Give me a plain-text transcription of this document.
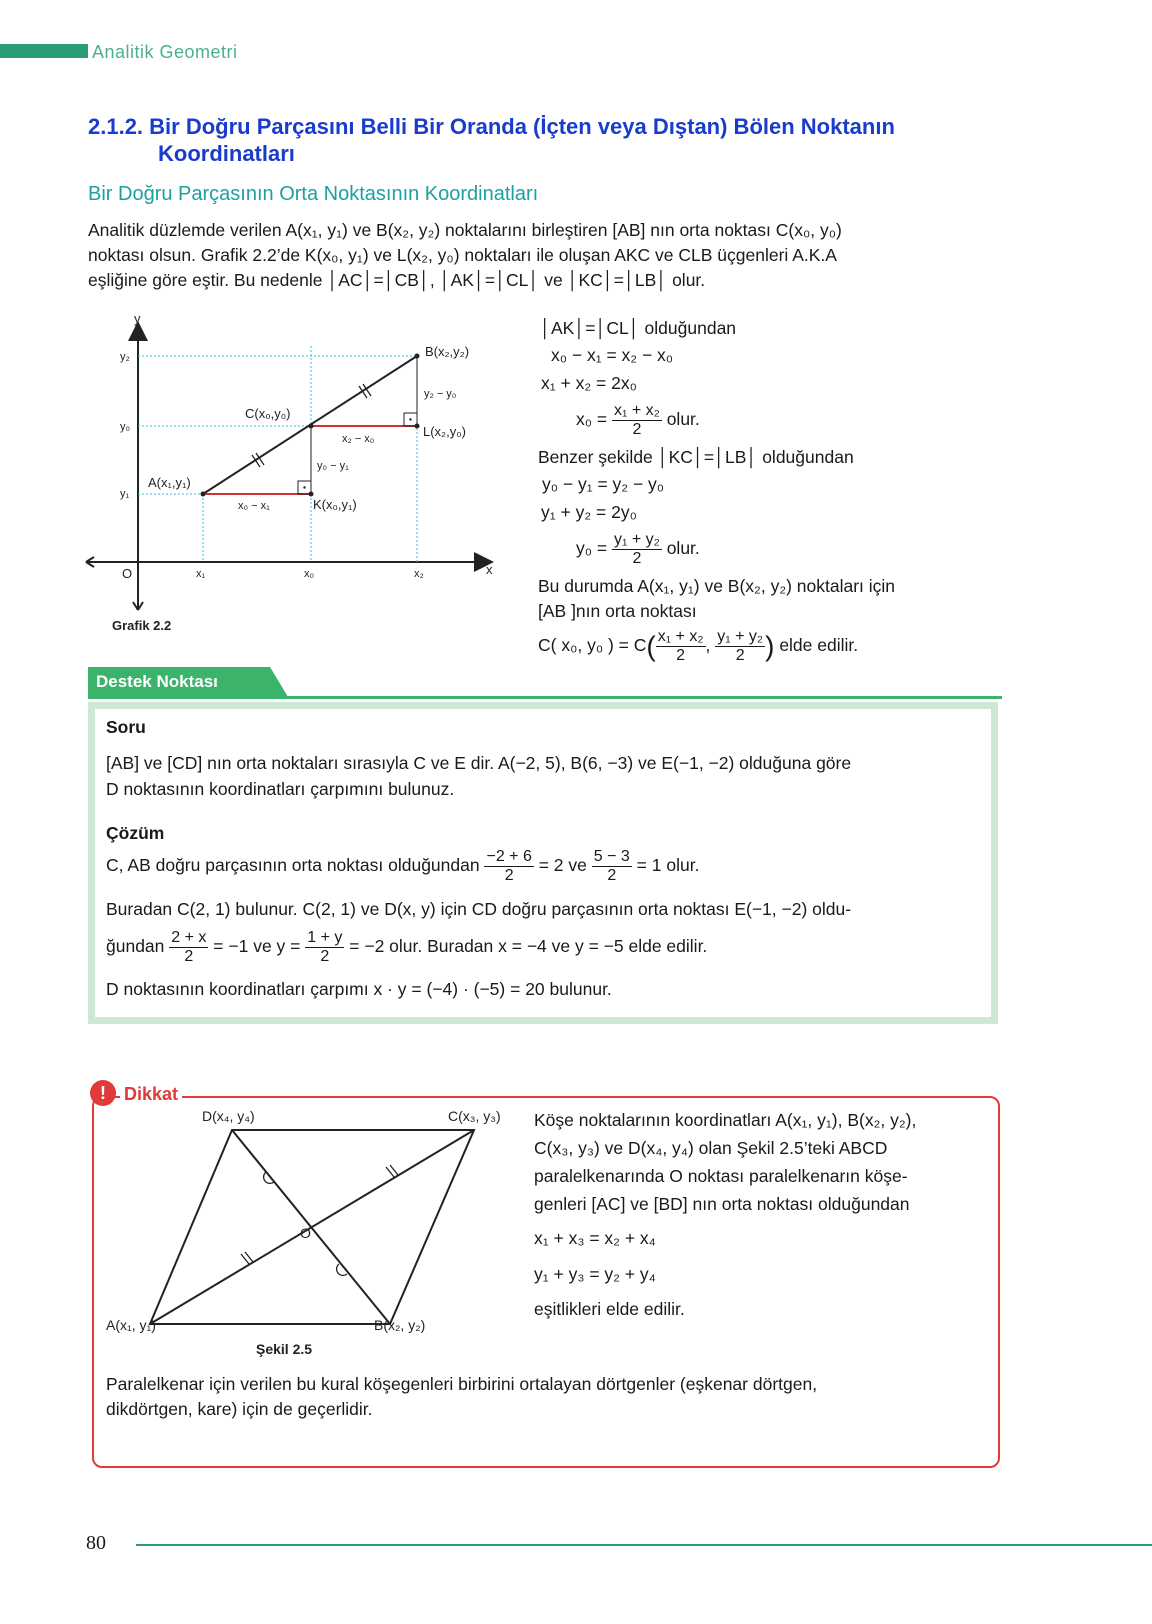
Analitik Geometri
2.1.2. Bir Doğru Parçasını Belli Bir Oranda (İçten veya Dıştan) Bölen Noktanın
Koordinatları
Bir Doğru Parçasının Orta Noktasının Koordinatları
Analitik düzlemde verilen A(x₁, y₁) ve B(x₂, y₂) noktalarını birleştiren [AB] nın orta noktası C(x₀, y₀)
noktası olsun. Grafik 2.2’de K(x₀, y₁) ve L(x₂, y₀) noktaları ile oluşan AKC ve CLB üçgenleri A.K.A
eşliğine göre eştir. Bu nedenle │AC│=│CB│, │AK│=│CL│ ve │KC│=│LB│ olur.
y
x
O	x₁	x₀	x₂
y₂
y₀
y₁
A(x₁,y₁)
B(x₂,y₂)
C(x₀,y₀)
K(x₀,y₁)
L(x₂,y₀)
x₂ − x₀
y₂ − y₀
x₀ − x₁
y₀ − y₁
Grafik 2.2
│AK│=│CL│ olduğundan
x₀ − x₁ = x₂ − x₀
x₁ + x₂ = 2x₀
$x_0 = \frac{\text{x₁ + x₂}}{2}$ olur.
Benzer şekilde │KC│=│LB│ olduğundan
y₀ − y₁ = y₂ − y₀
y₁ + y₂ = 2y₀
$y_0 = \frac{\text{y₁ + y₂}}{2}$ olur.
Bu durumda A(x₁, y₁) ve B(x₂, y₂) noktaları için
[AB ]nın orta noktası
C( x₀, y₀ ) = $C( \frac{\text{x₁ + x₂}}{2}$ , $\frac{\text{y₁ + y₂}}{2}$ ) elde edilir.
Destek Noktası
Soru
[AB] ve [CD] nın orta noktaları sırasıyla C ve E dir. A(−2, 5), B(6, −3) ve E(−1, −2) olduğuna göre
D noktasının koordinatları çarpımını bulunuz.
Çözüm
C, AB doğru parçasının orta noktası olduğundan $\frac{-2 + 6}{2} = 2$ ve $\frac{5 - 3}{2} = 1$ olur.
Buradan C(2, 1) bulunur. C(2, 1) ve D(x, y) için CD doğru parçasının orta noktası E(−1, −2) oldu-
ğundan $\frac{2 + x}{2} = -1$ ve $y = \frac{1 + y}{2} = -2$ olur. Buradan x = −4 ve y = −5 elde edilir.
D noktasının koordinatları çarpımı x · y = (−4) · (−5) = 20 bulunur.
!	Dikkat
O
D(x₄, y₄)	C(x₃, y₃)
A(x₁, y₁)	B(x₂, y₂)
Şekil 2.5
Köşe noktalarının koordinatları A(x₁, y₁), B(x₂, y₂),
C(x₃, y₃) ve D(x₄, y₄) olan Şekil 2.5’teki ABCD
paralelkenarında O noktası paralelkenarın köşe-
genleri [AC] ve [BD] nın orta noktası olduğundan
x₁ + x₃ = x₂ + x₄
y₁ + y₃ = y₂ + y₄
eşitlikleri elde edilir.
Paralelkenar için verilen bu kural köşegenleri birbirini ortalayan dörtgenler (eşkenar dörtgen,
dikdörtgen, kare) için de geçerlidir.
80
